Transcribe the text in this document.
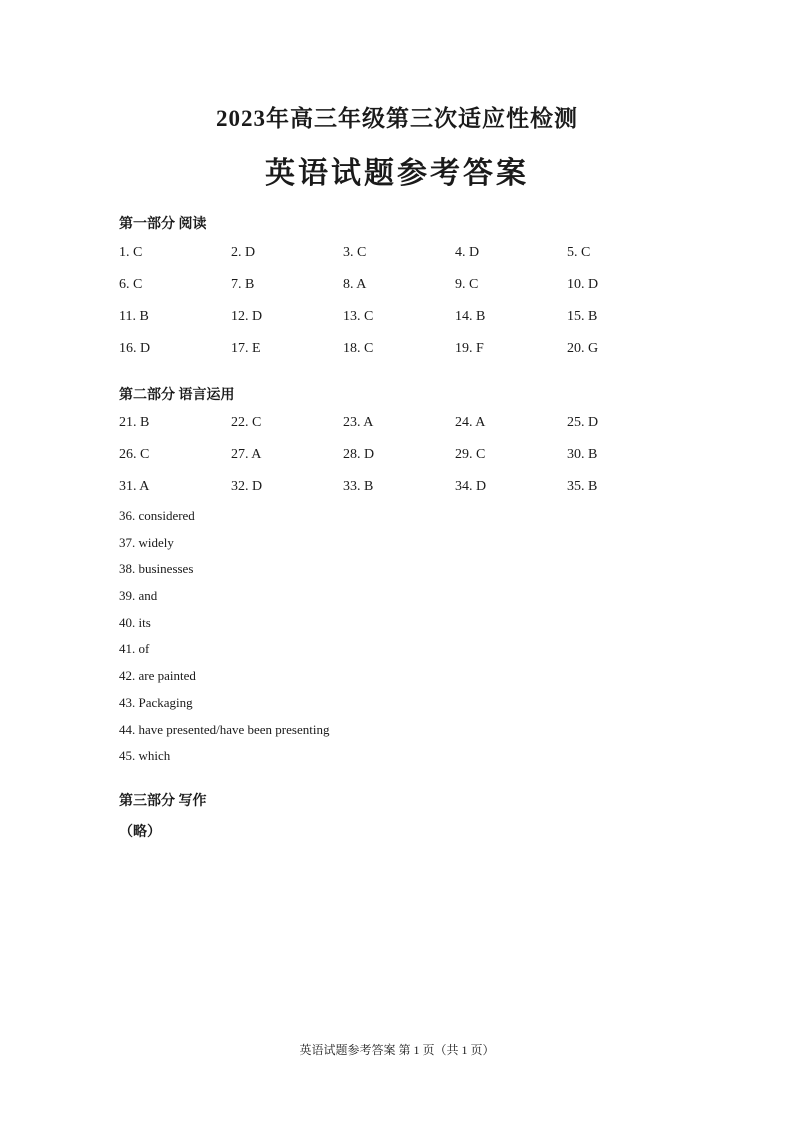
2023年高三年级第三次适应性检测
英语试题参考答案
第一部分 阅读
1. C	2. D	3. C	4. D	5. C
6. C	7. B	8. A	9. C	10. D
11. B	12. D	13. C	14. B	15. B
16. D	17. E	18. C	19. F	20. G
第二部分 语言运用
21. B	22. C	23. A	24. A	25. D
26. C	27. A	28. D	29. C	30. B
31. A	32. D	33. B	34. D	35. B
36. considered
37. widely
38. businesses
39. and
40. its
41. of
42. are painted
43. Packaging
44. have presented/have been presenting
45. which
第三部分 写作
（略）
英语试题参考答案 第 1 页（共 1 页）
